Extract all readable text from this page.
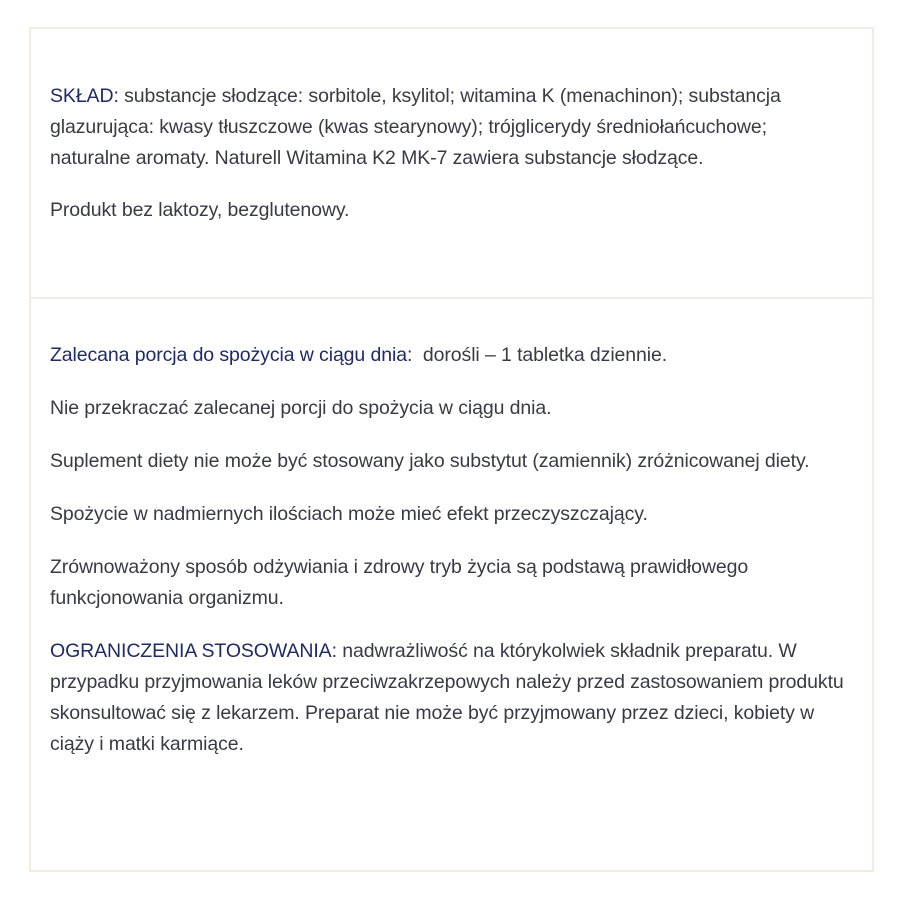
SKŁAD: substancje słodzące: sorbitole, ksylitol; witamina K (menachinon); substancja glazurująca: kwasy tłuszczowe (kwas stearynowy); trójglicerydy średniołańcuchowe; naturalne aromaty. Naturell Witamina K2 MK-7 zawiera substancje słodzące.

Produkt bez laktozy, bezglutenowy.

Zalecana porcja do spożycia w ciągu dnia:  dorośli – 1 tabletka dziennie.

Nie przekraczać zalecanej porcji do spożycia w ciągu dnia.

Suplement diety nie może być stosowany jako substytut (zamiennik) zróżnicowanej diety.

Spożycie w nadmiernych ilościach może mieć efekt przeczyszczający.

Zrównoważony sposób odżywiania i zdrowy tryb życia są podstawą prawidłowego funkcjonowania organizmu.

OGRANICZENIA STOSOWANIA: nadwrażliwość na którykolwiek składnik preparatu. W przypadku przyjmowania leków przeciwzakrzepowych należy przed zastosowaniem produktu skonsultować się z lekarzem. Preparat nie może być przyjmowany przez dzieci, kobiety w ciąży i matki karmiące.
